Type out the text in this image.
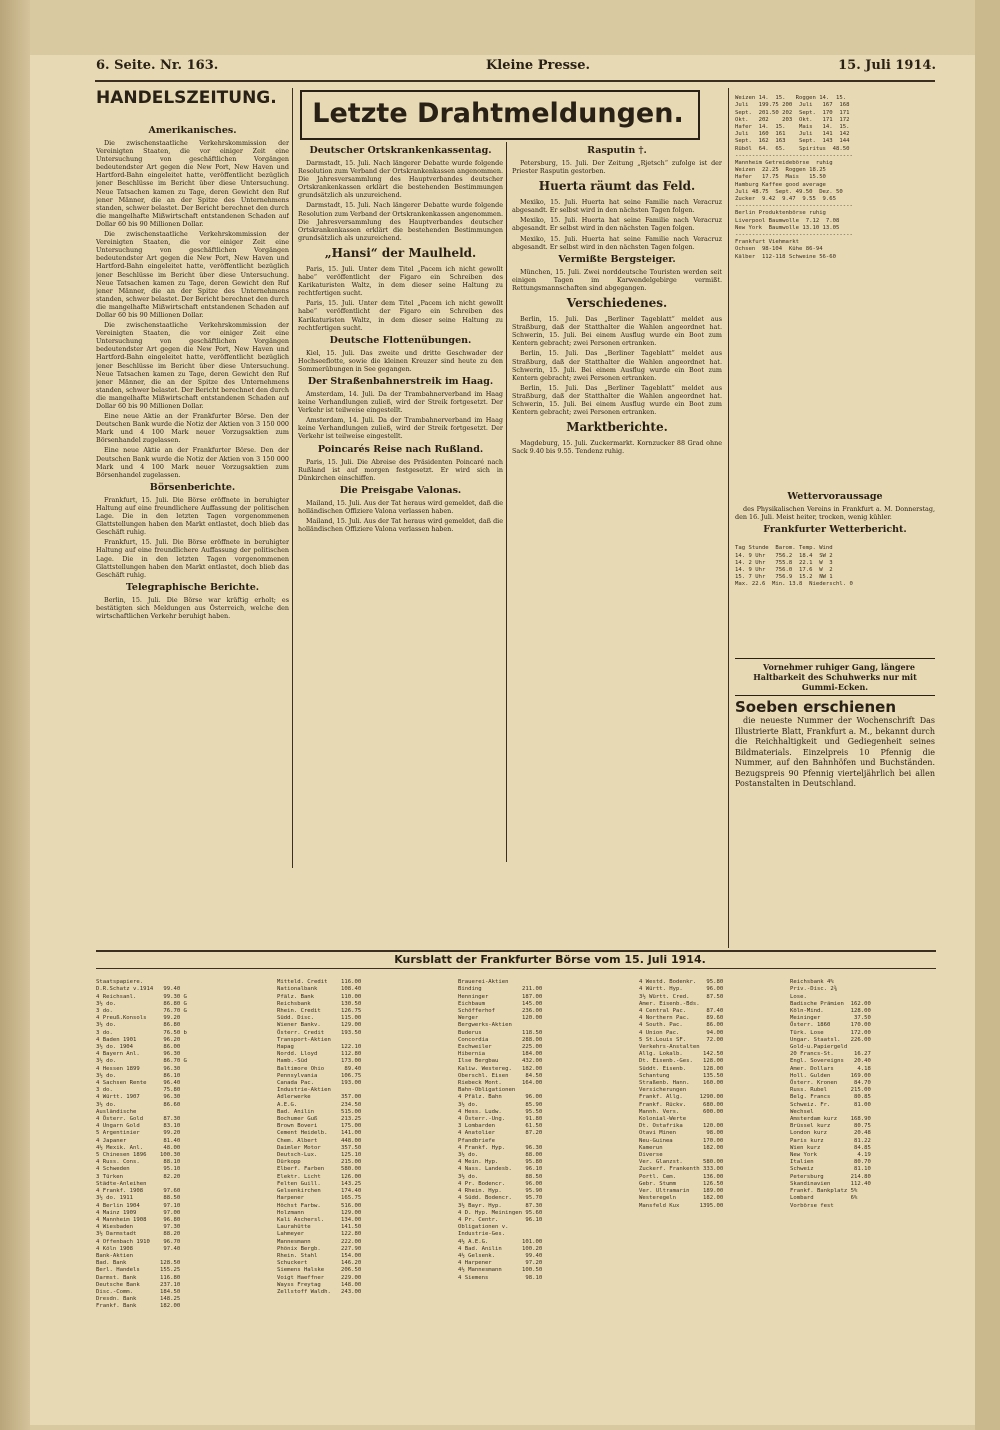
6. Seite. Nr. 163.	Kleine Presse.	15. Juli 1914.
HANDELSZEITUNG.
Amerikanisches.

Die zwischenstaatliche Verkehrskommission der Vereinigten Staaten, die vor einiger Zeit eine Untersuchung von geschäftlichen Vorgängen bedeutendster Art gegen die New Port, New Haven und Hartford-Bahn eingeleitet hatte, veröffentlicht bezüglich jener Beschlüsse im Bericht über diese Untersuchung. Neue Tatsachen kamen zu Tage, deren Gewicht den Ruf jener Männer, die an der Spitze des Unternehmens standen, schwer belastet. Der Bericht berechnet den durch die mangelhafte Mißwirtschaft entstandenen Schaden auf Dollar 60 bis 90 Millionen Dollar.

Die zwischenstaatliche Verkehrskommission der Vereinigten Staaten, die vor einiger Zeit eine Untersuchung von geschäftlichen Vorgängen bedeutendster Art gegen die New Port, New Haven und Hartford-Bahn eingeleitet hatte, veröffentlicht bezüglich jener Beschlüsse im Bericht über diese Untersuchung. Neue Tatsachen kamen zu Tage, deren Gewicht den Ruf jener Männer, die an der Spitze des Unternehmens standen, schwer belastet. Der Bericht berechnet den durch die mangelhafte Mißwirtschaft entstandenen Schaden auf Dollar 60 bis 90 Millionen Dollar.

Die zwischenstaatliche Verkehrskommission der Vereinigten Staaten, die vor einiger Zeit eine Untersuchung von geschäftlichen Vorgängen bedeutendster Art gegen die New Port, New Haven und Hartford-Bahn eingeleitet hatte, veröffentlicht bezüglich jener Beschlüsse im Bericht über diese Untersuchung. Neue Tatsachen kamen zu Tage, deren Gewicht den Ruf jener Männer, die an der Spitze des Unternehmens standen, schwer belastet. Der Bericht berechnet den durch die mangelhafte Mißwirtschaft entstandenen Schaden auf Dollar 60 bis 90 Millionen Dollar.

Eine neue Aktie an der Frankfurter Börse. Den der Deutschen Bank wurde die Notiz der Aktien von 3 150 000 Mark und 4 100 Mark neuer Vorzugsaktien zum Börsenhandel zugelassen.

Eine neue Aktie an der Frankfurter Börse. Den der Deutschen Bank wurde die Notiz der Aktien von 3 150 000 Mark und 4 100 Mark neuer Vorzugsaktien zum Börsenhandel zugelassen.

Börsenberichte.

Frankfurt, 15. Juli. Die Börse eröffnete in beruhigter Haltung auf eine freundlichere Auffassung der politischen Lage. Die in den letzten Tagen vorgenommenen Glattstellungen haben den Markt entlastet, doch blieb das Geschäft ruhig.

Frankfurt, 15. Juli. Die Börse eröffnete in beruhigter Haltung auf eine freundlichere Auffassung der politischen Lage. Die in den letzten Tagen vorgenommenen Glattstellungen haben den Markt entlastet, doch blieb das Geschäft ruhig.

Telegraphische Berichte.

Berlin, 15. Juli. Die Börse war kräftig erholt; es bestätigten sich Meldungen aus Österreich, welche den wirtschaftlichen Verkehr beruhigt haben.

Letzte Drahtmeldungen.
Deutscher Ortskrankenkassentag.

Darmstadt, 15. Juli. Nach längerer Debatte wurde folgende Resolution zum Verband der Ortskrankenkassen angenommen. Die Jahresversammlung des Hauptverbandes deutscher Ortskrankenkassen erklärt die bestehenden Bestimmungen grundsätzlich als unzureichend.

Darmstadt, 15. Juli. Nach längerer Debatte wurde folgende Resolution zum Verband der Ortskrankenkassen angenommen. Die Jahresversammlung des Hauptverbandes deutscher Ortskrankenkassen erklärt die bestehenden Bestimmungen grundsätzlich als unzureichend.

„Hansi“ der Maulheld.

Paris, 15. Juli. Unter dem Titel „Pacem ich nicht gewollt habe“ veröffentlicht der Figaro ein Schreiben des Karikaturisten Waltz, in dem dieser seine Haltung zu rechtfertigen sucht.

Paris, 15. Juli. Unter dem Titel „Pacem ich nicht gewollt habe“ veröffentlicht der Figaro ein Schreiben des Karikaturisten Waltz, in dem dieser seine Haltung zu rechtfertigen sucht.

Deutsche Flottenübungen.

Kiel, 15. Juli. Das zweite und dritte Geschwader der Hochseeflotte, sowie die kleinen Kreuzer sind heute zu den Sommerübungen in See gegangen.

Der Straßenbahnerstreik im Haag.

Amsterdam, 14. Juli. Da der Trambahnerverband im Haag keine Verhandlungen zuließ, wird der Streik fortgesetzt. Der Verkehr ist teilweise eingestellt.

Amsterdam, 14. Juli. Da der Trambahnerverband im Haag keine Verhandlungen zuließ, wird der Streik fortgesetzt. Der Verkehr ist teilweise eingestellt.

Poincarés Reise nach Rußland.

Paris, 15. Juli. Die Abreise des Präsidenten Poincaré nach Rußland ist auf morgen festgesetzt. Er wird sich in Dünkirchen einschiffen.

Die Preisgabe Valonas.

Mailand, 15. Juli. Aus der Tat heraus wird gemeldet, daß die holländischen Offiziere Valona verlassen haben.

Mailand, 15. Juli. Aus der Tat heraus wird gemeldet, daß die holländischen Offiziere Valona verlassen haben.

Rasputin †.

Petersburg, 15. Juli. Der Zeitung „Rjetsch“ zufolge ist der Priester Rasputin gestorben.

Huerta räumt das Feld.

Mexiko, 15. Juli. Huerta hat seine Familie nach Veracruz abgesandt. Er selbst wird in den nächsten Tagen folgen.

Mexiko, 15. Juli. Huerta hat seine Familie nach Veracruz abgesandt. Er selbst wird in den nächsten Tagen folgen.

Mexiko, 15. Juli. Huerta hat seine Familie nach Veracruz abgesandt. Er selbst wird in den nächsten Tagen folgen.

Vermißte Bergsteiger.

München, 15. Juli. Zwei norddeutsche Touristen werden seit einigen Tagen im Karwendelgebirge vermißt. Rettungsmannschaften sind abgegangen.

Verschiedenes.

Berlin, 15. Juli. Das „Berliner Tageblatt“ meldet aus Straßburg, daß der Statthalter die Wahlen angeordnet hat. Schwerin, 15. Juli. Bei einem Ausflug wurde ein Boot zum Kentern gebracht; zwei Personen ertranken.

Berlin, 15. Juli. Das „Berliner Tageblatt“ meldet aus Straßburg, daß der Statthalter die Wahlen angeordnet hat. Schwerin, 15. Juli. Bei einem Ausflug wurde ein Boot zum Kentern gebracht; zwei Personen ertranken.

Berlin, 15. Juli. Das „Berliner Tageblatt“ meldet aus Straßburg, daß der Statthalter die Wahlen angeordnet hat. Schwerin, 15. Juli. Bei einem Ausflug wurde ein Boot zum Kentern gebracht; zwei Personen ertranken.

Marktberichte.

Magdeburg, 15. Juli. Zuckermarkt. Kornzucker 88 Grad ohne Sack 9.40 bis 9.55. Tendenz ruhig.

Weizen 14.  15.   Roggen 14.  15.
Juli   199.75 200  Juli   167  168
Sept.  201.50 202  Sept.  170  171
Okt.   202    203  Okt.   171  172
Hafer  14.  15.    Mais   14.  15.
Juli   160  161    Juli   141  142
Sept.  162  163    Sept.  143  144
Rüböl  64.  65.    Spiritus  48.50
-----------------------------------
Mannheim Getreidebörse  ruhig
Weizen  22.25  Roggen 18.25
Hafer   17.75  Mais   15.50
Hamburg Kaffee good average
Juli 48.75  Sept. 49.50  Dez. 50
Zucker  9.42  9.47  9.55  9.65
-----------------------------------
Berlin Produktenbörse ruhig
Liverpool Baumwolle  7.12  7.08
New York  Baumwolle 13.10 13.05
-----------------------------------
Frankfurt Viehmarkt
Ochsen  98-104  Kühe 86-94
Kälber  112-118 Schweine 56-60

Wettervoraussage

des Physikalischen Vereins in Frankfurt a. M. Donnerstag, den 16. Juli. Meist heiter, trocken, wenig kühler.

Frankfurter Wetterbericht.

Tag Stunde  Barom. Temp. Wind
14. 9 Uhr   756.2  18.4  SW 2
14. 2 Uhr   755.8  22.1  W  3
14. 9 Uhr   756.0  17.6  W  2
15. 7 Uhr   756.9  15.2  NW 1
Max. 22.6  Min. 13.8  Niederschl. 0

Vornehmer ruhiger Gang, längere Haltbarkeit des Schuhwerks nur mit Gummi-Ecken.

Soeben erschienen

die neueste Nummer der Wochenschrift Das Illustrierte Blatt, Frankfurt a. M., bekannt durch die Reichhaltigkeit und Gediegenheit seines Bildmaterials. Einzelpreis 10 Pfennig die Nummer, auf den Bahnhöfen und Buchständen. Bezugspreis 90 Pfennig vierteljährlich bei allen Postanstalten in Deutschland.

Kursblatt der Frankfurter Börse vom 15. Juli 1914.

Staatspapiere.
D.R.Schatz v.1914   99.40
4 Reichsanl.        99.30 G
3½ do.              86.80 G
3 do.               76.70 G
4 Preuß.Konsols     99.20
3½ do.              86.80
3 do.               76.50 b
4 Baden 1901        96.20
3½ do. 1904         86.00
4 Bayern Anl.       96.30
3½ do.              86.70 G
4 Hessen 1899       96.30
3½ do.              86.10
4 Sachsen Rente     96.40
3 do.               75.80
4 Württ. 1907       96.30
3½ do.              86.60
Ausländische
4 Österr. Gold      87.30
4 Ungarn Gold       83.10
5 Argentinier       99.20
4 Japaner           81.40
4½ Mexik. Anl.      48.00
5 Chinesen 1896    100.30
4 Russ. Cons.       88.10
4 Schweden          95.10
3 Türken            82.20
Städte-Anleihen
4 Frankf. 1908      97.60
3½ do. 1911         88.50
4 Berlin 1904       97.10
4 Mainz 1909        97.00
4 Mannheim 1908     96.80
4 Wiesbaden         97.30
3½ Darmstadt        88.20
4 Offenbach 1910    96.70
4 Köln 1908         97.40
Bank-Aktien
Bad. Bank          128.50
Berl. Handels      155.25
Darmst. Bank       116.80
Deutsche Bank      237.10
Disc.-Comm.        184.50
Dresdn. Bank       148.25
Frankf. Bank       182.00

Mitteld. Credit    116.00
Nationalbank       108.40
Pfälz. Bank        110.00
Reichsbank         130.50
Rhein. Credit      126.75
Südd. Disc.        115.00
Wiener Bankv.      129.00
Österr. Credit     193.50
Transport-Aktien
Hapag              122.10
Nordd. Lloyd       112.80
Hamb.-Süd          173.00
Baltimore Ohio      89.40
Pennsylvania       106.75
Canada Pac.        193.00
Industrie-Aktien
Adlerwerke         357.00
A.E.G.             234.50
Bad. Anilin        515.00
Bochumer Guß       213.25
Brown Boveri       175.00
Cement Heidelb.    141.00
Chem. Albert       448.00
Daimler Motor      357.50
Deutsch-Lux.       125.10
Dürkopp            215.00
Elberf. Farben     580.00
Elektr. Licht      126.00
Felten Guill.      143.25
Gelsenkirchen      174.40
Harpener           165.75
Höchst Farbw.      516.00
Holzmann           129.00
Kali Aschersl.     134.00
Laurahütte         141.50
Lahmeyer           122.80
Mannesmann         222.00
Phönix Bergb.      227.90
Rhein. Stahl       154.00
Schuckert          146.20
Siemens Halske     206.50
Voigt Haeffner     229.00
Wayss Freytag      148.00
Zellstoff Waldh.   243.00

Brauerei-Aktien
Binding            211.00
Henninger          187.00
Eichbaum           145.00
Schöfferhof        236.00
Werger             120.00
Bergwerks-Aktien
Buderus            118.50
Concordia          288.00
Eschweiler         225.00
Hibernia           184.00
Ilse Bergbau       432.00
Kaliw. Westereg.   182.00
Oberschl. Eisen     84.50
Riebeck Mont.      164.00
Bahn-Obligationen
4 Pfälz. Bahn       96.00
3½ do.              85.90
4 Hess. Ludw.       95.50
4 Österr.-Ung.      91.80
3 Lombarden         61.50
4 Anatolier         87.20
Pfandbriefe
4 Frankf. Hyp.      96.30
3½ do.              88.00
4 Mein. Hyp.        95.80
4 Nass. Landesb.    96.10
3½ do.              88.50
4 Pr. Bodencr.      96.00
4 Rhein. Hyp.       95.90
4 Südd. Bodencr.    95.70
3½ Bayr. Hyp.       87.30
4 D. Hyp. Meiningen 95.60
4 Pr. Centr.        96.10
Obligationen v.
Industrie-Ges.
4½ A.E.G.          101.00
4 Bad. Anilin      100.20
4½ Gelsenk.         99.40
4 Harpener          97.20
4½ Mannesmann      100.50
4 Siemens           98.10

4 Westd. Bodenkr.   95.80
4 Württ. Hyp.       96.00
3½ Württ. Cred.     87.50
Amer. Eisenb.-Bds.
4 Central Pac.      87.40
4 Northern Pac.     89.60
4 South. Pac.       86.00
4 Union Pac.        94.00
5 St.Louis SF.      72.00
Verkehrs-Anstalten
Allg. Lokalb.      142.50
Dt. Eisenb.-Ges.   128.00
Süddt. Eisenb.     128.00
Schantung          135.50
Straßenb. Hann.    160.00
Versicherungen
Frankf. Allg.     1290.00
Frankf. Rückv.     680.00
Mannh. Vers.       600.00
Kolonial-Werte
Dt. Ostafrika      120.00
Otavi Minen         98.00
Neu-Guinea         170.00
Kamerun            182.00
Diverse
Ver. Glanzst.      580.00
Zuckerf. Frankenth 333.00
Portl. Cem.        136.00
Gebr. Stumm        126.50
Ver. Ultramarin    189.00
Westeregeln        182.00
Mansfeld Kux      1395.00

Reichsbank 4%
Priv.-Disc. 2⅜
Lose.
Badische Prämien  162.00
Köln-Mind.        128.00
Meininger          37.50
Österr. 1860      170.00
Türk. Lose        172.00
Ungar. Staatsl.   226.00
Gold-u.Papiergeld
20 Francs-St.      16.27
Engl. Sovereigns   20.40
Amer. Dollars       4.18
Holl. Gulden      169.00
Österr. Kronen     84.70
Russ. Rubel       215.00
Belg. Francs       80.85
Schweiz. Fr.       81.00
Wechsel
Amsterdam kurz    168.90
Brüssel kurz       80.75
London kurz        20.48
Paris kurz         81.22
Wien kurz          84.85
New York            4.19
Italien            80.70
Schweiz            81.10
Petersburg        214.80
Skandinavien      112.40
Frankf. Bankplatz 5%
Lombard           6%
Vorbörse fest
